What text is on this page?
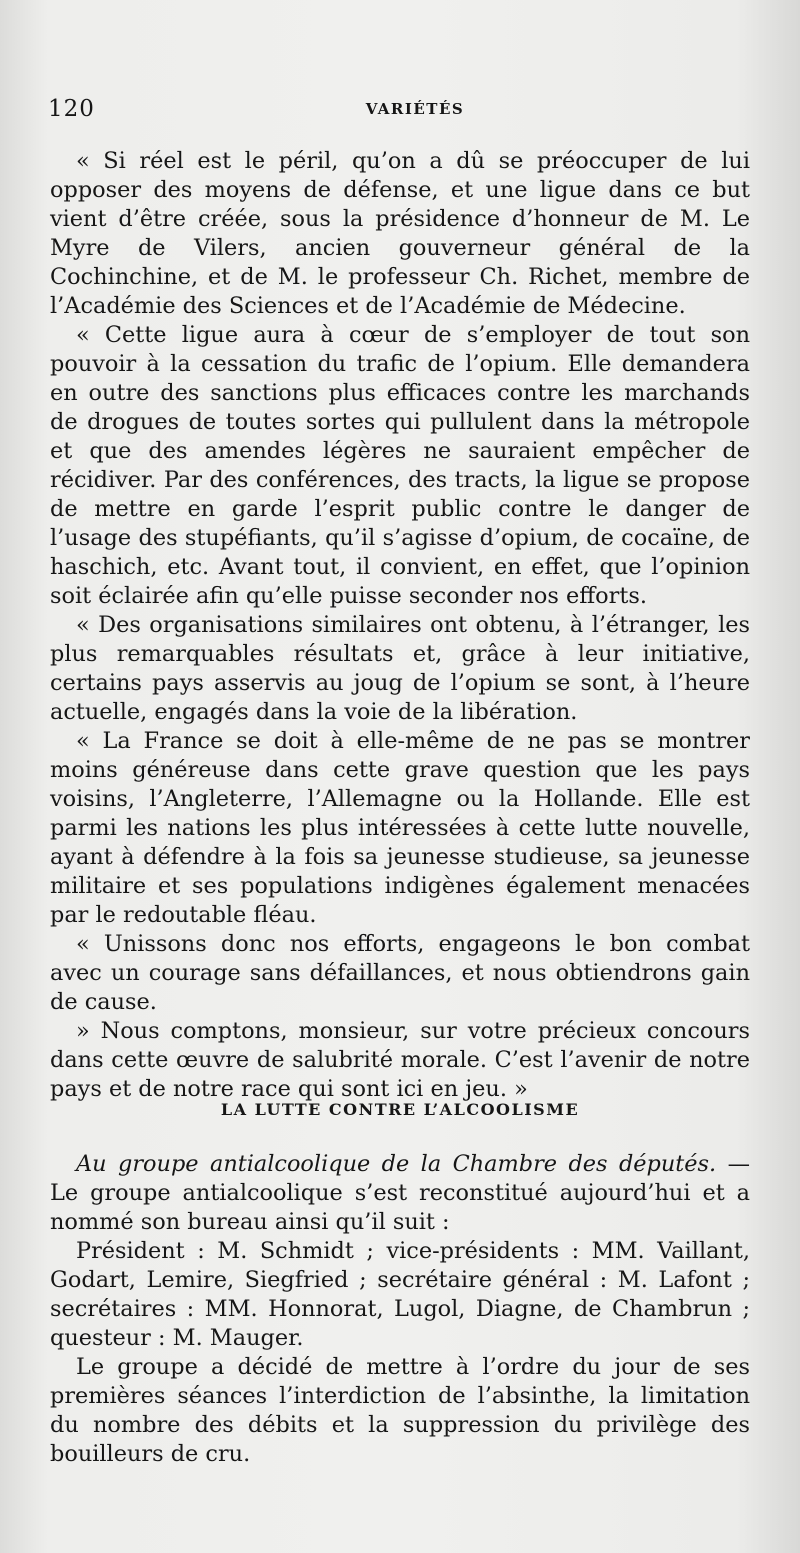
120	VARIÉTÉS

« Si réel est le péril, qu’on a dû se préoccuper de lui opposer des moyens de défense, et une ligue dans ce but vient d’être créée, sous la présidence d’honneur de M. Le Myre de Vilers, ancien gouverneur général de la Cochinchine, et de M. le professeur Ch. Richet, membre de l’Académie des Sciences et de l’Académie de Médecine.

« Cette ligue aura à cœur de s’employer de tout son pouvoir à la cessation du trafic de l’opium. Elle demandera en outre des sanctions plus efficaces contre les marchands de drogues de toutes sortes qui pullulent dans la métropole et que des amendes légères ne sauraient empêcher de récidiver. Par des conférences, des tracts, la ligue se propose de mettre en garde l’esprit public contre le danger de l’usage des stupéfiants, qu’il s’agisse d’opium, de cocaïne, de haschich, etc. Avant tout, il convient, en effet, que l’opinion soit éclairée afin qu’elle puisse seconder nos efforts.

« Des organisations similaires ont obtenu, à l’étranger, les plus remarquables résultats et, grâce à leur initiative, certains pays asservis au joug de l’opium se sont, à l’heure actuelle, engagés dans la voie de la libération.

« La France se doit à elle-même de ne pas se montrer moins généreuse dans cette grave question que les pays voisins, l’Angleterre, l’Allemagne ou la Hollande. Elle est parmi les nations les plus intéressées à cette lutte nouvelle, ayant à défendre à la fois sa jeunesse studieuse, sa jeunesse militaire et ses populations indigènes également menacées par le redoutable fléau.

« Unissons donc nos efforts, engageons le bon combat avec un courage sans défaillances, et nous obtiendrons gain de cause.

» Nous comptons, monsieur, sur votre précieux concours dans cette œuvre de salubrité morale. C’est l’avenir de notre pays et de notre race qui sont ici en jeu. »

LA LUTTE CONTRE L’ALCOOLISME

Au groupe antialcoolique de la Chambre des députés. — Le groupe antialcoolique s’est reconstitué aujourd’hui et a nommé son bureau ainsi qu’il suit :

Président : M. Schmidt ; vice-présidents : MM. Vaillant, Godart, Lemire, Siegfried ; secrétaire général : M. Lafont ; secrétaires : MM. Honnorat, Lugol, Diagne, de Chambrun ; questeur : M. Mauger.

Le groupe a décidé de mettre à l’ordre du jour de ses premières séances l’interdiction de l’absinthe, la limitation du nombre des débits et la suppression du privilège des bouilleurs de cru.
